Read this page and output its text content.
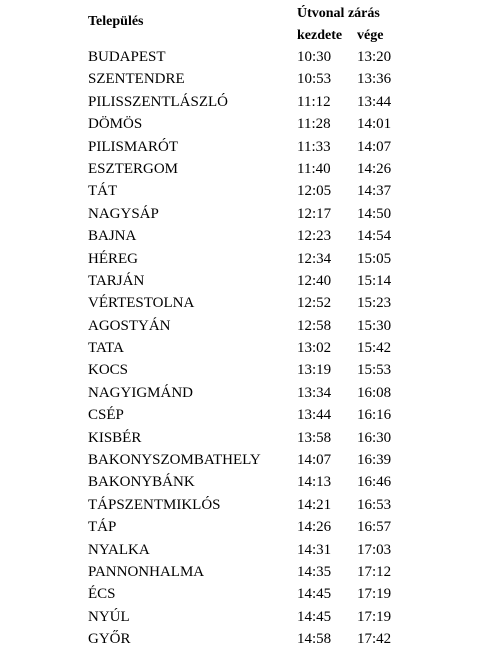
Település
Útvonal zárás
kezdete vége
BUDAPEST	10:30 13:20
SZENTENDRE	10:53 13:36
PILISSZENTLÁSZLÓ	11:12 13:44
DÖMÖS	11:28 14:01
PILISMARÓT	11:33 14:07
ESZTERGOM	11:40 14:26
TÁT	12:05 14:37
NAGYSÁP	12:17 14:50
BAJNA	12:23 14:54
HÉREG	12:34 15:05
TARJÁN	12:40 15:14
VÉRTESTOLNA	12:52 15:23
AGOSTYÁN	12:58 15:30
TATA	13:02 15:42
KOCS	13:19 15:53
NAGYIGMÁND	13:34 16:08
CSÉP	13:44 16:16
KISBÉR	13:58 16:30
BAKONYSZOMBATHELY 14:07 16:39
BAKONYBÁNK	14:13 16:46
TÁPSZENTMIKLÓS	14:21 16:53
TÁP	14:26 16:57
NYALKA	14:31 17:03
PANNONHALMA	14:35 17:12
ÉCS	14:45 17:19
NYÚL	14:45 17:19
GYŐR	14:58 17:42
